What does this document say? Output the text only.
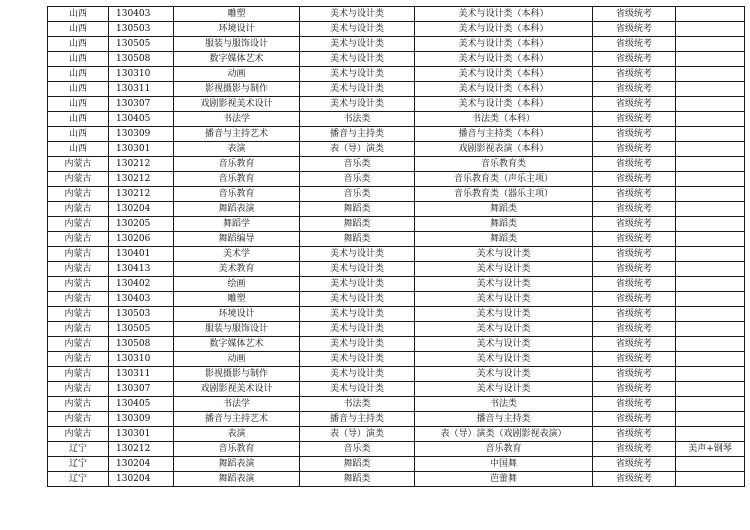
山西	130403	雕塑	美术与设计类	美术与设计类（本科）	省级统考	
山西	130503	环境设计	美术与设计类	美术与设计类（本科）	省级统考	
山西	130505	服装与服饰设计	美术与设计类	美术与设计类（本科）	省级统考	
山西	130508	数字媒体艺术	美术与设计类	美术与设计类（本科）	省级统考	
山西	130310	动画	美术与设计类	美术与设计类（本科）	省级统考	
山西	130311	影视摄影与制作	美术与设计类	美术与设计类（本科）	省级统考	
山西	130307	戏剧影视美术设计	美术与设计类	美术与设计类（本科）	省级统考	
山西	130405	书法学	书法类	书法类（本科）	省级统考	
山西	130309	播音与主持艺术	播音与主持类	播音与主持类（本科）	省级统考	
山西	130301	表演	表（导）演类	戏剧影视表演（本科）	省级统考	
内蒙古	130212	音乐教育	音乐类	音乐教育类	省级统考	
内蒙古	130212	音乐教育	音乐类	音乐教育类（声乐主项）	省级统考	
内蒙古	130212	音乐教育	音乐类	音乐教育类（器乐主项）	省级统考	
内蒙古	130204	舞蹈表演	舞蹈类	舞蹈类	省级统考	
内蒙古	130205	舞蹈学	舞蹈类	舞蹈类	省级统考	
内蒙古	130206	舞蹈编导	舞蹈类	舞蹈类	省级统考	
内蒙古	130401	美术学	美术与设计类	美术与设计类	省级统考	
内蒙古	130413	美术教育	美术与设计类	美术与设计类	省级统考	
内蒙古	130402	绘画	美术与设计类	美术与设计类	省级统考	
内蒙古	130403	雕塑	美术与设计类	美术与设计类	省级统考	
内蒙古	130503	环境设计	美术与设计类	美术与设计类	省级统考	
内蒙古	130505	服装与服饰设计	美术与设计类	美术与设计类	省级统考	
内蒙古	130508	数字媒体艺术	美术与设计类	美术与设计类	省级统考	
内蒙古	130310	动画	美术与设计类	美术与设计类	省级统考	
内蒙古	130311	影视摄影与制作	美术与设计类	美术与设计类	省级统考	
内蒙古	130307	戏剧影视美术设计	美术与设计类	美术与设计类	省级统考	
内蒙古	130405	书法学	书法类	书法类	省级统考	
内蒙古	130309	播音与主持艺术	播音与主持类	播音与主持类	省级统考	
内蒙古	130301	表演	表（导）演类	表（导）演类（戏剧影视表演）	省级统考	
辽宁	130212	音乐教育	音乐类	音乐教育	省级统考	美声+钢琴
辽宁	130204	舞蹈表演	舞蹈类	中国舞	省级统考	
辽宁	130204	舞蹈表演	舞蹈类	芭蕾舞	省级统考	
